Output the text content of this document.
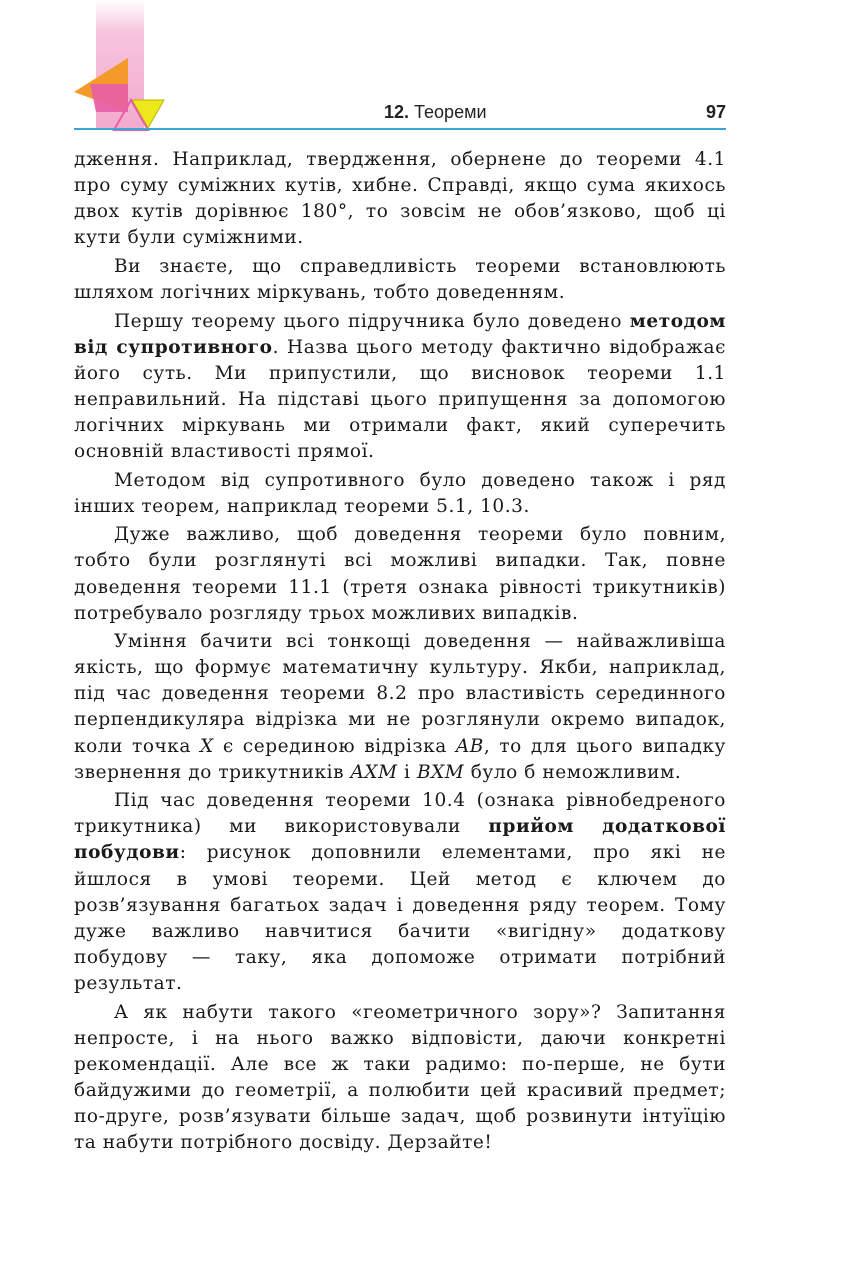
12. Теореми	97

дження. Наприклад, твердження, обернене до теореми 4.1 про суму суміжних кутів, хибне. Справді, якщо сума якихось двох кутів дорівнює 180°, то зовсім не обов’язково, щоб ці кути були суміжними.

Ви знаєте, що справедливість теореми встановлюють шляхом логічних міркувань, тобто доведенням.

Першу теорему цього підручника було доведено методом від супротивного. Назва цього методу фактично відображає його суть. Ми припустили, що висновок теореми 1.1 неправильний. На підставі цього припущення за допомогою логічних міркувань ми отримали факт, який суперечить основній властивості прямої.

Методом від супротивного було доведено також і ряд інших теорем, наприклад теореми 5.1, 10.3.

Дуже важливо, щоб доведення теореми було повним, тобто були розглянуті всі можливі випадки. Так, повне доведення теореми 11.1 (третя ознака рівності трикутників) потребувало розгляду трьох можливих випадків.

Уміння бачити всі тонкощі доведення — найважливіша якість, що формує математичну культуру. Якби, наприклад, під час доведення теореми 8.2 про властивість серединного перпендикуляра відрізка ми не розглянули окремо випадок, коли точка X є серединою відрізка AB, то для цього випадку звернення до трикутників AXM і BXM було б неможливим.

Під час доведення теореми 10.4 (ознака рівнобедреного трикутника) ми використовували прийом додаткової побудови: рисунок доповнили елементами, про які не йшлося в умові теореми. Цей метод є ключем до розв’язування багатьох задач і доведення ряду теорем. Тому дуже важливо навчитися бачити «вигідну» додаткову побудову — таку, яка допоможе отримати потрібний результат.

А як набути такого «геометричного зору»? Запитання непросте, і на нього важко відповісти, даючи конкретні рекомендації. Але все ж таки радимо: по-перше, не бути байдужими до геометрії, а полюбити цей красивий предмет; по-друге, розв’язувати більше задач, щоб розвинути інтуїцію та набути потрібного досвіду. Дерзайте!
